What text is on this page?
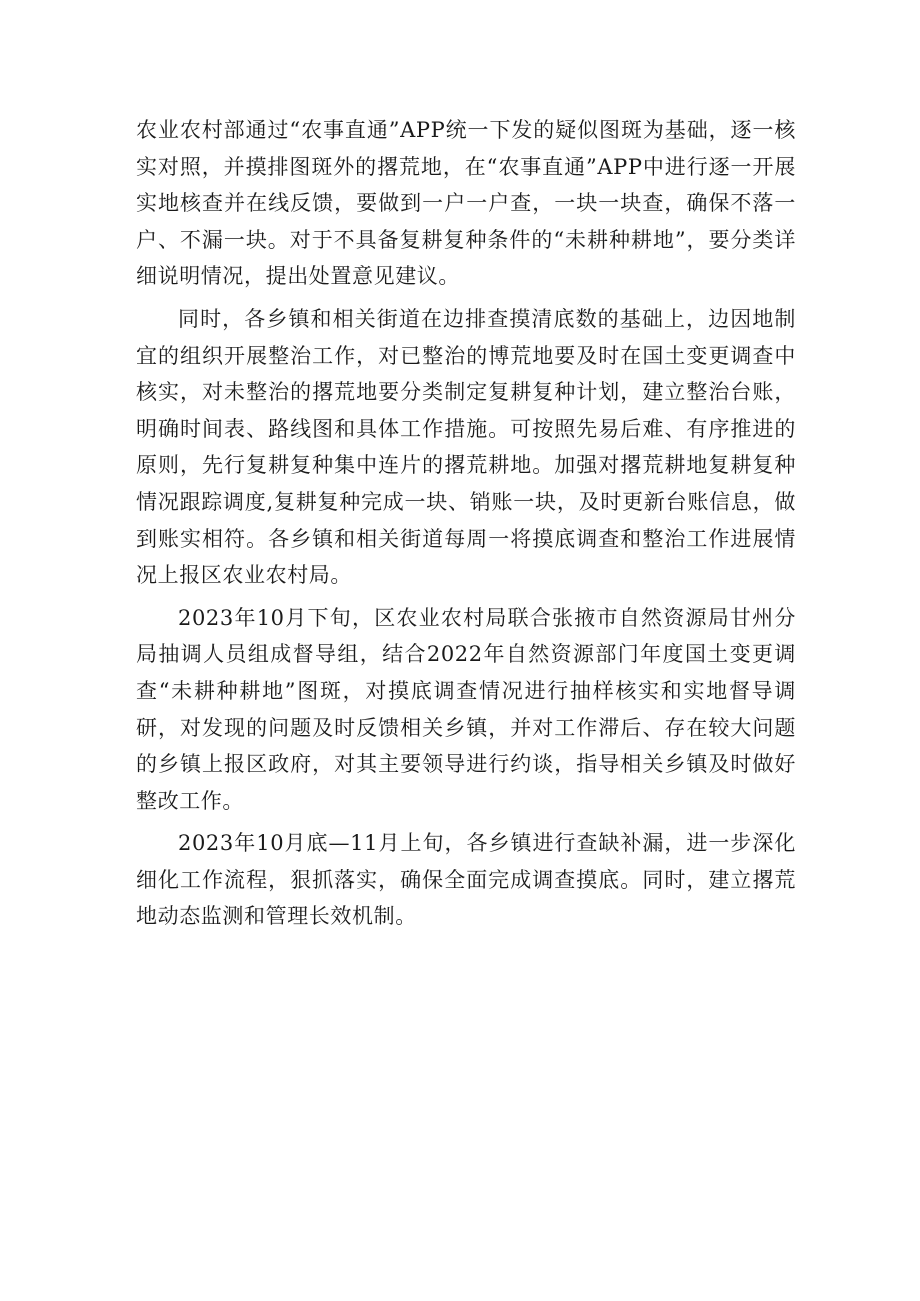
农业农村部通过“农事直通”APP统一下发的疑似图斑为基础，逐一核实对照，并摸排图斑外的撂荒地，在“农事直通”APP中进行逐一开展实地核查并在线反馈，要做到一户一户查，一块一块查，确保不落一户、不漏一块。对于不具备复耕复种条件的“未耕种耕地”，要分类详细说明情况，提出处置意见建议。

同时，各乡镇和相关街道在边排查摸清底数的基础上，边因地制宜的组织开展整治工作，对已整治的博荒地要及时在国土变更调查中核实，对未整治的撂荒地要分类制定复耕复种计划，建立整治台账，明确时间表、路线图和具体工作措施。可按照先易后难、有序推进的原则，先行复耕复种集中连片的撂荒耕地。加强对撂荒耕地复耕复种情况跟踪调度,复耕复种完成一块、销账一块，及时更新台账信息，做到账实相符。各乡镇和相关街道每周一将摸底调查和整治工作进展情况上报区农业农村局。

2023年10月下旬，区农业农村局联合张掖市自然资源局甘州分局抽调人员组成督导组，结合2022年自然资源部门年度国土变更调查“未耕种耕地”图斑，对摸底调查情况进行抽样核实和实地督导调研，对发现的问题及时反馈相关乡镇，并对工作滞后、存在较大问题的乡镇上报区政府，对其主要领导进行约谈，指导相关乡镇及时做好整改工作。

2023年10月底—11月上旬，各乡镇进行查缺补漏，进一步深化细化工作流程，狠抓落实，确保全面完成调查摸底。同时，建立撂荒地动态监测和管理长效机制。
